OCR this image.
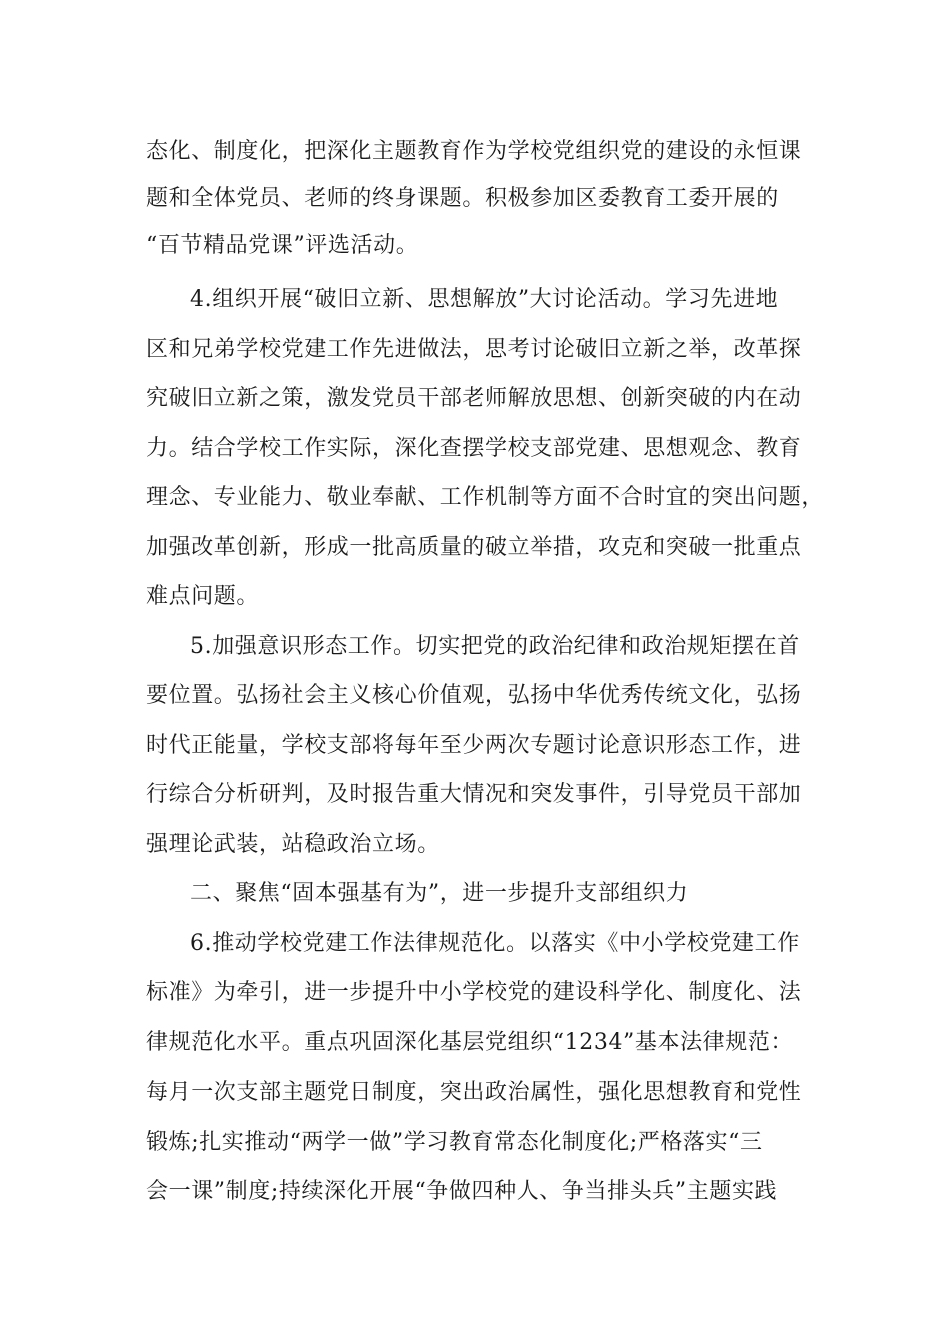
态化、制度化，把深化主题教育作为学校党组织党的建设的永恒课
题和全体党员、老师的终身课题。积极参加区委教育工委开展的
“百节精品党课”评选活动。
4.组织开展“破旧立新、思想解放”大讨论活动。学习先进地
区和兄弟学校党建工作先进做法，思考讨论破旧立新之举，改革探
究破旧立新之策，激发党员干部老师解放思想、创新突破的内在动
力。结合学校工作实际，深化查摆学校支部党建、思想观念、教育
理念、专业能力、敬业奉献、工作机制等方面不合时宜的突出问题，
加强改革创新，形成一批高质量的破立举措，攻克和突破一批重点
难点问题。
5.加强意识形态工作。切实把党的政治纪律和政治规矩摆在首
要位置。弘扬社会主义核心价值观，弘扬中华优秀传统文化，弘扬
时代正能量，学校支部将每年至少两次专题讨论意识形态工作，进
行综合分析研判，及时报告重大情况和突发事件，引导党员干部加
强理论武装，站稳政治立场。
二、聚焦“固本强基有为”，进一步提升支部组织力
6.推动学校党建工作法律规范化。以落实《中小学校党建工作
标准》为牵引，进一步提升中小学校党的建设科学化、制度化、法
律规范化水平。重点巩固深化基层党组织“1234”基本法律规范：
每月一次支部主题党日制度，突出政治属性，强化思想教育和党性
锻炼;扎实推动“两学一做”学习教育常态化制度化;严格落实“三
会一课”制度;持续深化开展“争做四种人、争当排头兵”主题实践
